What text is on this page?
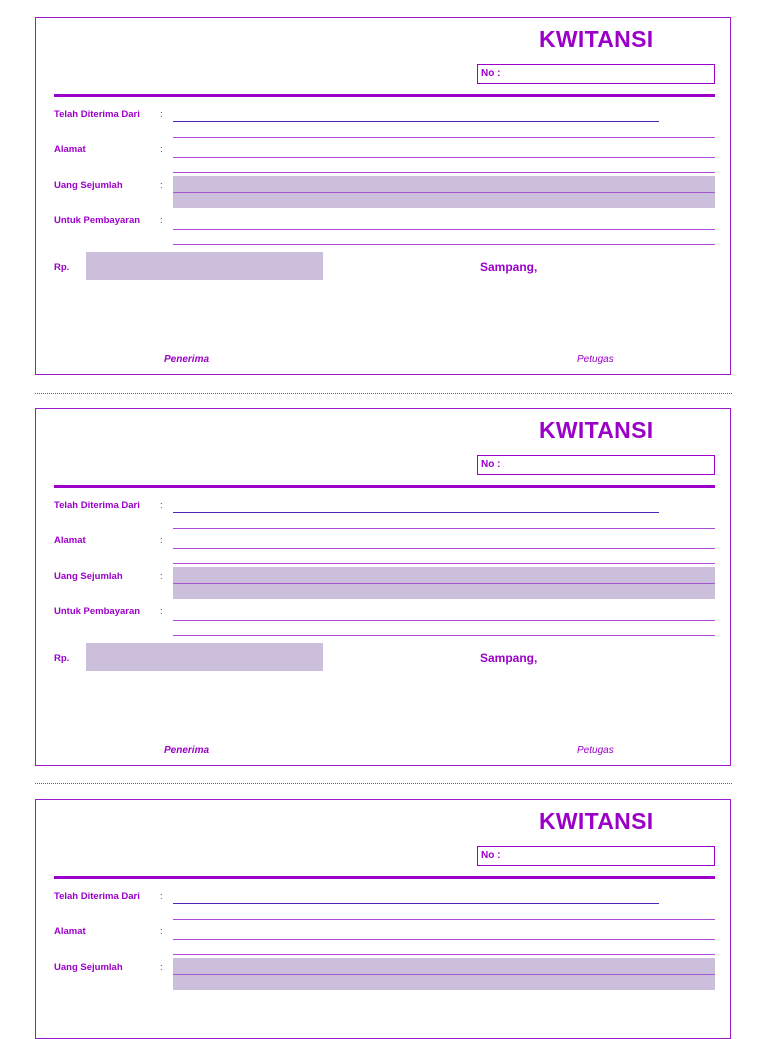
KWITANSI
No :
Telah Diterima Dari :
Alamat	:
Uang Sejumlah	:
Untuk Pembayaran :
Rp.	Sampang,
Penerima	Petugas
KWITANSI
No :
Telah Diterima Dari :
Alamat	:
Uang Sejumlah	:
Untuk Pembayaran :
Rp.	Sampang,
Penerima	Petugas
KWITANSI
No :
Telah Diterima Dari :
Alamat	:
Uang Sejumlah	:
